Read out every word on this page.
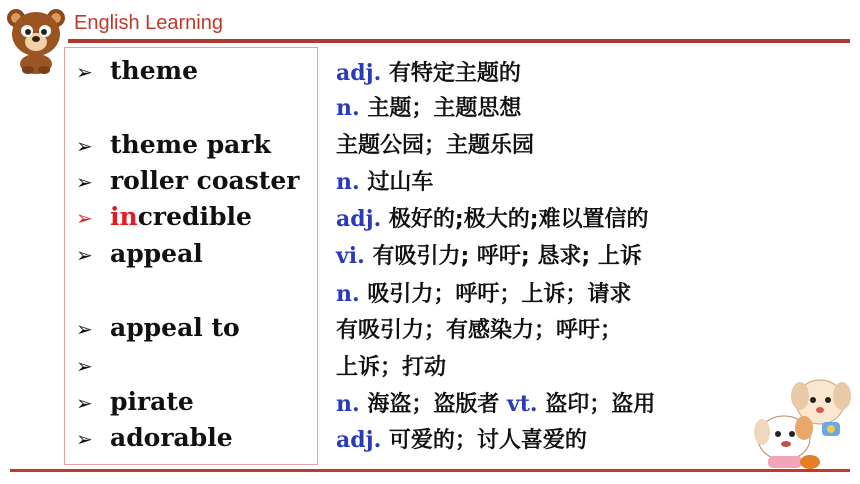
English Learning
➢ theme
➢ theme park
➢ roller coaster
➢ incredible
➢ appeal
➢ appeal to
➢
➢ pirate
➢ adorable
adj. 有特定主题的
n. 主题；主题思想
主题公园；主题乐园
n. 过山车
adj. 极好的;极大的;难以置信的
vi. 有吸引力; 呼吁; 恳求; 上诉
n. 吸引力；呼吁；上诉；请求
有吸引力；有感染力；呼吁；
上诉；打动
n. 海盗；盗版者 vt. 盗印；盗用
adj. 可爱的；讨人喜爱的
